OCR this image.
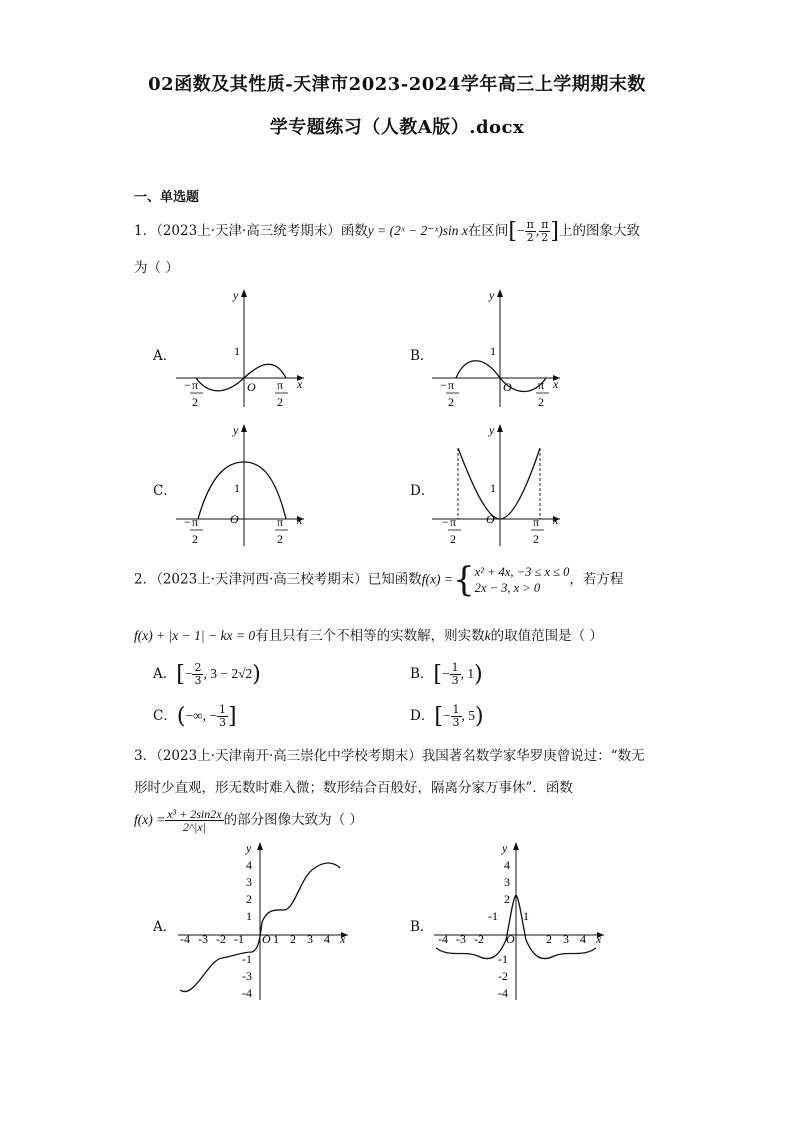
02函数及其性质-天津市2023-2024学年高三上学期期末数
学专题练习（人教A版）.docx
一、单选题
1．（2023上·天津·高三统考期末）函数y = (2ˣ − 2⁻ˣ)sin x在区间[− $\frac{\pi}{2}$ , $\frac{\pi}{2}$ ]上的图象大致
为（ ）
A．	B．
C．	D．
y
x
1
O
− π
2
π
2
y
x
1
O
− π
2
π
2
y
x
1
O
− π
2
π
2
y
x
1
O
− π
2
π
2
2．（2023上·天津河西·高三校考期末）已知函数f(x) ={ x² + 4x, −3 ≤ x ≤ 0
2x − 3, x > 0
，若方程
f(x) + |x − 1| − kx = 0有且只有三个不相等的实数解，则实数k的取值范围是（ ）
A．[− $\frac{2}{3}$ , 3 − 2√2)	B．[− $\frac{1}{3}$ , 1)
C．(−∞, − $\frac{1}{3}$ ]	D．[− $\frac{1}{3}$ , 5)
3．（2023上·天津南开·高三崇化中学校考期末）我国著名数学家华罗庚曾说过：“数无
形时少直观，形无数时难入微；数形结合百般好，隔离分家万事休”．函数
$f(x) = \frac{\text{x³ + 2sin2x}}{2\^{}|x|}$ 的部分图像大致为（ ）
A．	B．
y
x
4
3
2
1
-1
-3
-4
-4 -3 -2 -1 O 1 2 3 4
y
x
4
3
2
-1 1
-1
-2
-4
-4 -3 -2 O	2 3 4
